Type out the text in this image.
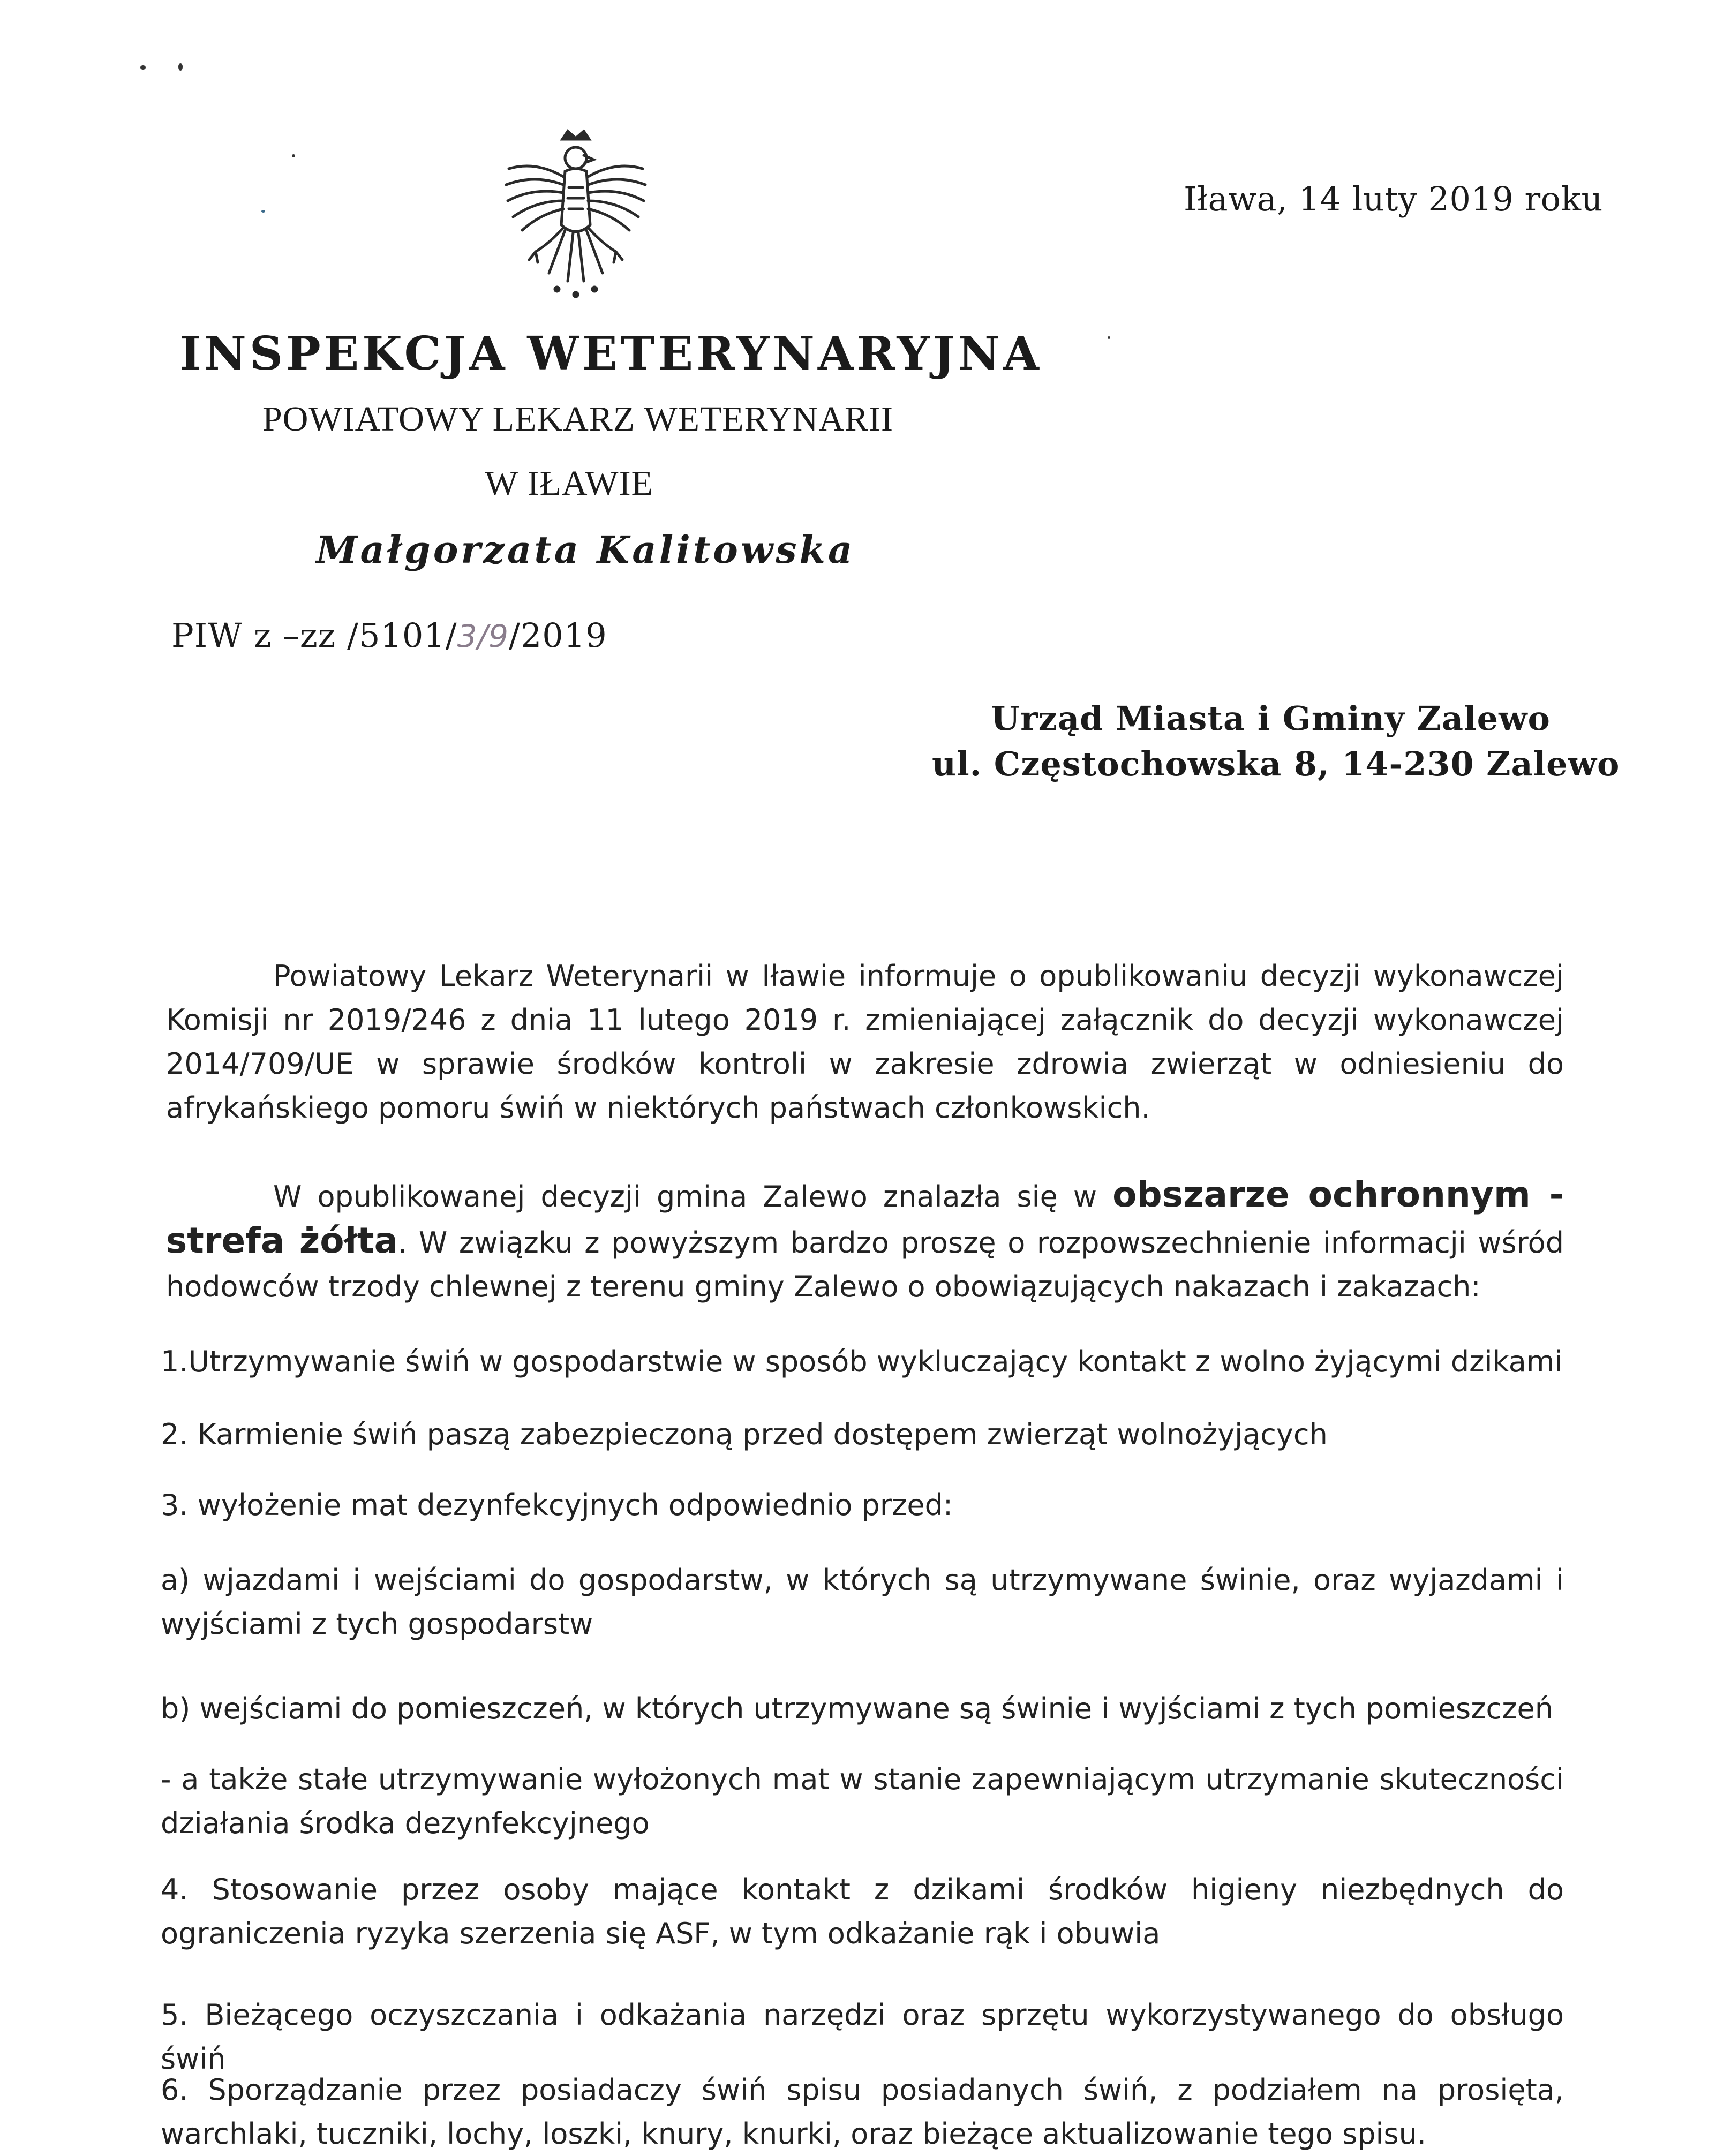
Iława, 14 luty 2019 roku
INSPEKCJA WETERYNARYJNA
POWIATOWY LEKARZ WETERYNARII
W IŁAWIE
Małgorzata Kalitowska
PIW z –zz /5101/3/9/2019
Urząd Miasta i Gminy Zalewo
ul. Częstochowska 8, 14-230 Zalewo
Powiatowy Lekarz Weterynarii w Iławie informuje o opublikowaniu decyzji wykonawczej Komisji nr 2019/246 z dnia 11 lutego 2019 r. zmieniającej załącznik do decyzji wykonawczej 2014/709/UE w sprawie środków kontroli w zakresie zdrowia zwierząt w odniesieniu do afrykańskiego pomoru świń w niektórych państwach członkowskich.
W opublikowanej decyzji gmina Zalewo znalazła się w obszarze ochronnym - strefa żółta. W związku z powyższym bardzo proszę o rozpowszechnienie informacji wśród hodowców trzody chlewnej z terenu gminy Zalewo o obowiązujących nakazach i zakazach:
1.Utrzymywanie świń w gospodarstwie w sposób wykluczający kontakt z wolno żyjącymi dzikami
2. Karmienie świń paszą zabezpieczoną przed dostępem zwierząt wolnożyjących
3. wyłożenie mat dezynfekcyjnych odpowiednio przed:
a) wjazdami i wejściami do gospodarstw, w których są utrzymywane świnie, oraz wyjazdami i wyjściami z tych gospodarstw
b) wejściami do pomieszczeń, w których utrzymywane są świnie i wyjściami z tych pomieszczeń
- a także stałe utrzymywanie wyłożonych mat w stanie zapewniającym utrzymanie skuteczności działania środka dezynfekcyjnego
4. Stosowanie przez osoby mające kontakt z dzikami środków higieny niezbędnych do ograniczenia ryzyka szerzenia się ASF, w tym odkażanie rąk i obuwia
5. Bieżącego oczyszczania i odkażania narzędzi oraz sprzętu wykorzystywanego do obsługo świń
6. Sporządzanie przez posiadaczy świń spisu posiadanych świń, z podziałem na prosięta, warchlaki, tuczniki, lochy, loszki, knury, knurki, oraz bieżące aktualizowanie tego spisu.
